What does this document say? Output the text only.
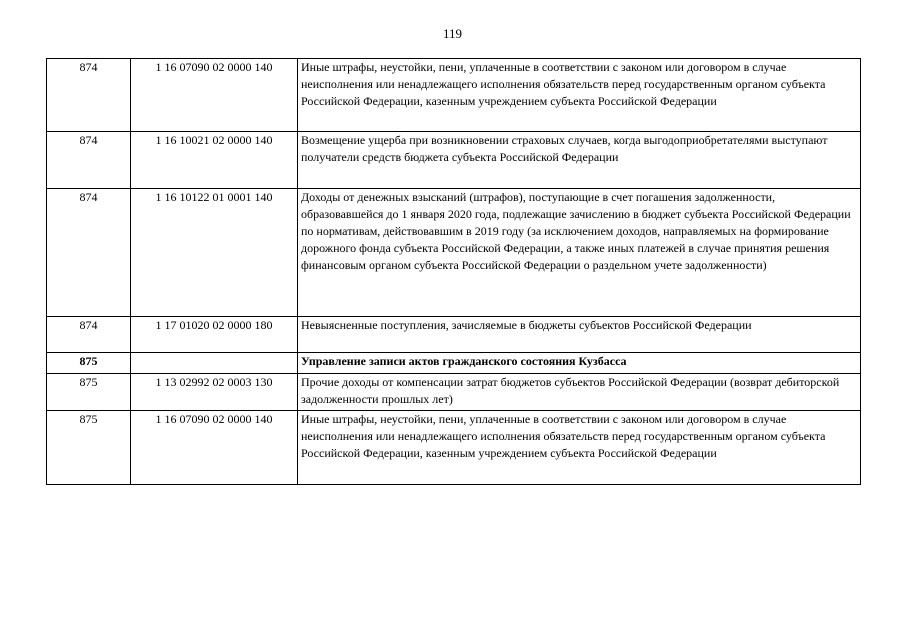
119
874	1 16 07090 02 0000 140	Иные штрафы, неустойки, пени, уплаченные в соответствии с законом или договором в случае неисполнения или ненадлежащего исполнения обязательств перед государственным органом субъекта Российской Федерации, казенным учреждением субъекта Российской Федерации
874	1 16 10021 02 0000 140	Возмещение ущерба при возникновении страховых случаев, когда выгодоприобретателями выступают получатели средств бюджета субъекта Российской Федерации
874	1 16 10122 01 0001 140	Доходы от денежных взысканий (штрафов), поступающие в счет погашения задолженности, образовавшейся до 1 января 2020 года, подлежащие зачислению в бюджет субъекта Российской Федерации по нормативам, действовавшим в 2019 году (за исключением доходов, направляемых на формирование дорожного фонда субъекта Российской Федерации, а также иных платежей в случае принятия решения финансовым органом субъекта Российской Федерации о раздельном учете задолженности)
874	1 17 01020 02 0000 180	Невыясненные поступления, зачисляемые в бюджеты субъектов Российской Федерации
875		Управление записи актов гражданского состояния Кузбасса
875	1 13 02992 02 0003 130	Прочие доходы от компенсации затрат бюджетов субъектов Российской Федерации (возврат дебиторской задолженности прошлых лет)
875	1 16 07090 02 0000 140	Иные штрафы, неустойки, пени, уплаченные в соответствии с законом или договором в случае неисполнения или ненадлежащего исполнения обязательств перед государственным органом субъекта Российской Федерации, казенным учреждением субъекта Российской Федерации
